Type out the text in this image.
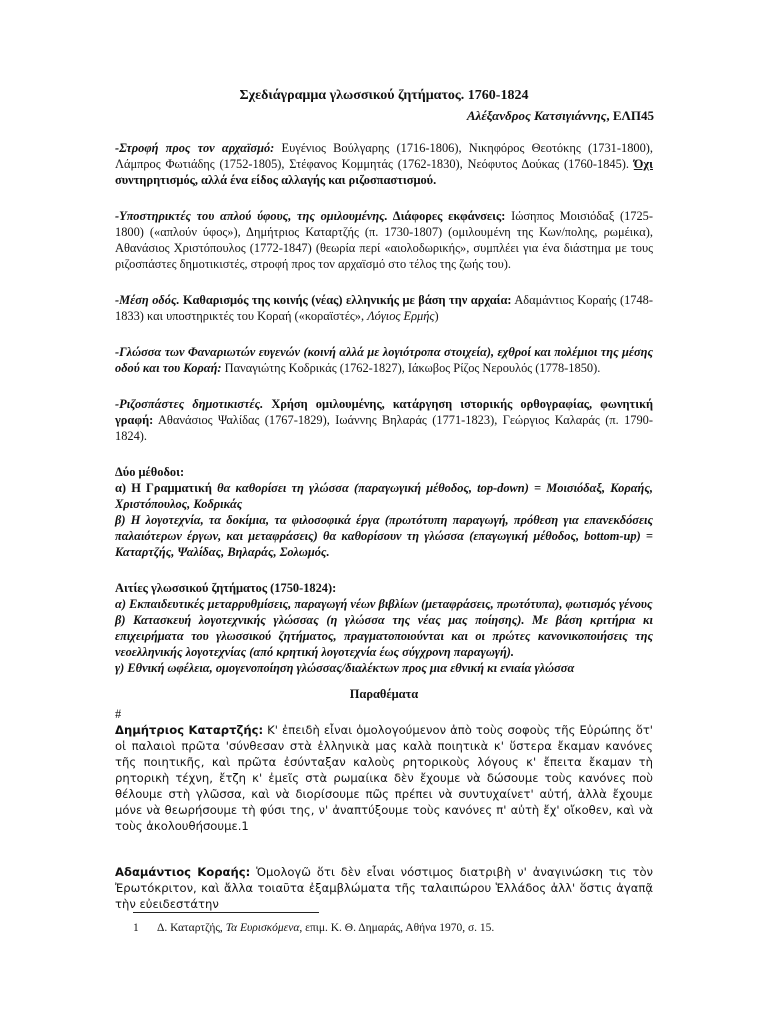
Σχεδιάγραμμα γλωσσικού ζητήματος. 1760-1824
Αλέξανδρος Κατσιγιάννης, ΕΛΠ45

-Στροφή προς τον αρχαϊσμό: Ευγένιος Βούλγαρης (1716-1806), Νικηφόρος Θεοτόκης (1731-1800), Λάμπρος Φωτιάδης (1752-1805), Στέφανος Κομμητάς (1762-1830), Νεόφυτος Δούκας (1760-1845). Όχι συντηρητισμός, αλλά ένα είδος αλλαγής και ριζοσπαστισμού.

-Υποστηρικτές του απλού ύφους, της ομιλουμένης. Διάφορες εκφάνσεις: Ιώσηπος Μοισιόδαξ (1725-1800) («απλούν ύφος»), Δημήτριος Καταρτζής (π. 1730-1807) (ομιλουμένη της Κων/πολης, ρωμέικα), Αθανάσιος Χριστόπουλος (1772-1847) (θεωρία περί «αιολοδωρικής», συμπλέει για ένα διάστημα με τους ριζοσπάστες δημοτικιστές, στροφή προς τον αρχαϊσμό στο τέλος της ζωής του).

-Μέση οδός. Καθαρισμός της κοινής (νέας) ελληνικής με βάση την αρχαία: Αδαμάντιος Κοραής (1748-1833) και υποστηρικτές του Κοραή («κοραϊστές», Λόγιος Ερμής)

-Γλώσσα των Φαναριωτών ευγενών (κοινή αλλά με λογιότροπα στοιχεία), εχθροί και πολέμιοι της μέσης οδού και του Κοραή: Παναγιώτης Κοδρικάς (1762-1827), Ιάκωβος Ρίζος Νερουλός (1778-1850).

-Ριζοσπάστες δημοτικιστές. Χρήση ομιλουμένης, κατάργηση ιστορικής ορθογραφίας, φωνητική γραφή: Αθανάσιος Ψαλίδας (1767-1829), Ιωάννης Βηλαράς (1771-1823), Γεώργιος Καλαράς (π. 1790-1824).

Δύο μέθοδοι:
α) Η Γραμματική θα καθορίσει τη γλώσσα (παραγωγική μέθοδος, top-down) = Μοισιόδαξ, Κοραής, Χριστόπουλος, Κοδρικάς
β) Η λογοτεχνία, τα δοκίμια, τα φιλοσοφικά έργα (πρωτότυπη παραγωγή, πρόθεση για επανεκδόσεις παλαιότερων έργων, και μεταφράσεις) θα καθορίσουν τη γλώσσα (επαγωγική μέθοδος, bottom-up) = Καταρτζής, Ψαλίδας, Βηλαράς, Σολωμός.
Αιτίες γλωσσικού ζητήματος (1750-1824):
α) Εκπαιδευτικές μεταρρυθμίσεις, παραγωγή νέων βιβλίων (μεταφράσεις, πρωτότυπα), φωτισμός γένους
β) Κατασκευή λογοτεχνικής γλώσσας (η γλώσσα της νέας μας ποίησης). Με βάση κριτήρια κι επιχειρήματα του γλωσσικού ζητήματος, πραγματοποιούνται και οι πρώτες κανονικοποιήσεις της νεοελληνικής λογοτεχνίας (από κρητική λογοτεχνία έως σύγχρονη παραγωγή).
γ) Εθνική ωφέλεια, ομογενοποίηση γλώσσας/διαλέκτων προς μια εθνική κι ενιαία γλώσσα
Παραθέματα
#

Δημήτριος Καταρτζής: Κ' ἐπειδὴ εἶναι ὁμολογούμενον ἀπὸ τοὺς σοφοὺς τῆς Εὐρώπης ὅτ' οἱ παλαιοὶ πρῶτα 'σύνθεσαν στὰ ἑλληνικὰ μας καλὰ ποιητικὰ κ' ὕστερα ἔκαμαν κανόνες τῆς ποιητικῆς, καὶ πρῶτα ἐσύνταξαν καλοὺς ρητορικοὺς λόγους κ' ἔπειτα ἔκαμαν τὴ ρητορικὴ τέχνη, ἔτζη κ' ἐμεῖς στὰ ρωμαίικα δὲν ἔχουμε νὰ δώσουμε τοὺς κανόνες ποὺ θέλουμε στὴ γλῶσσα, καὶ νὰ διορίσουμε πῶς πρέπει νὰ συντυχαίνετ' αὐτή, ἀλλὰ ἔχουμε μόνε νὰ θεωρήσουμε τὴ φύσι της, ν' ἀναπτύξουμε τοὺς κανόνες π' αὐτὴ ἔχ' οἴκοθεν, καὶ νὰ τοὺς ἀκολουθήσουμε.1

Αδαμάντιος Κοραής: Ὁμολογῶ ὅτι δὲν εἶναι νόστιμος διατριβὴ ν' ἀναγινώσκη τις τὸν Ἐρωτόκριτον, καὶ ἄλλα τοιαῦτα ἐξαμβλώματα τῆς ταλαιπώρου Ἑλλάδος ἀλλ' ὅστις ἀγαπᾷ τὴν εὐειδεστάτην

1 Δ. Καταρτζής, Τα Ευρισκόμενα, επιμ. Κ. Θ. Δημαράς, Αθήνα 1970, σ. 15.
